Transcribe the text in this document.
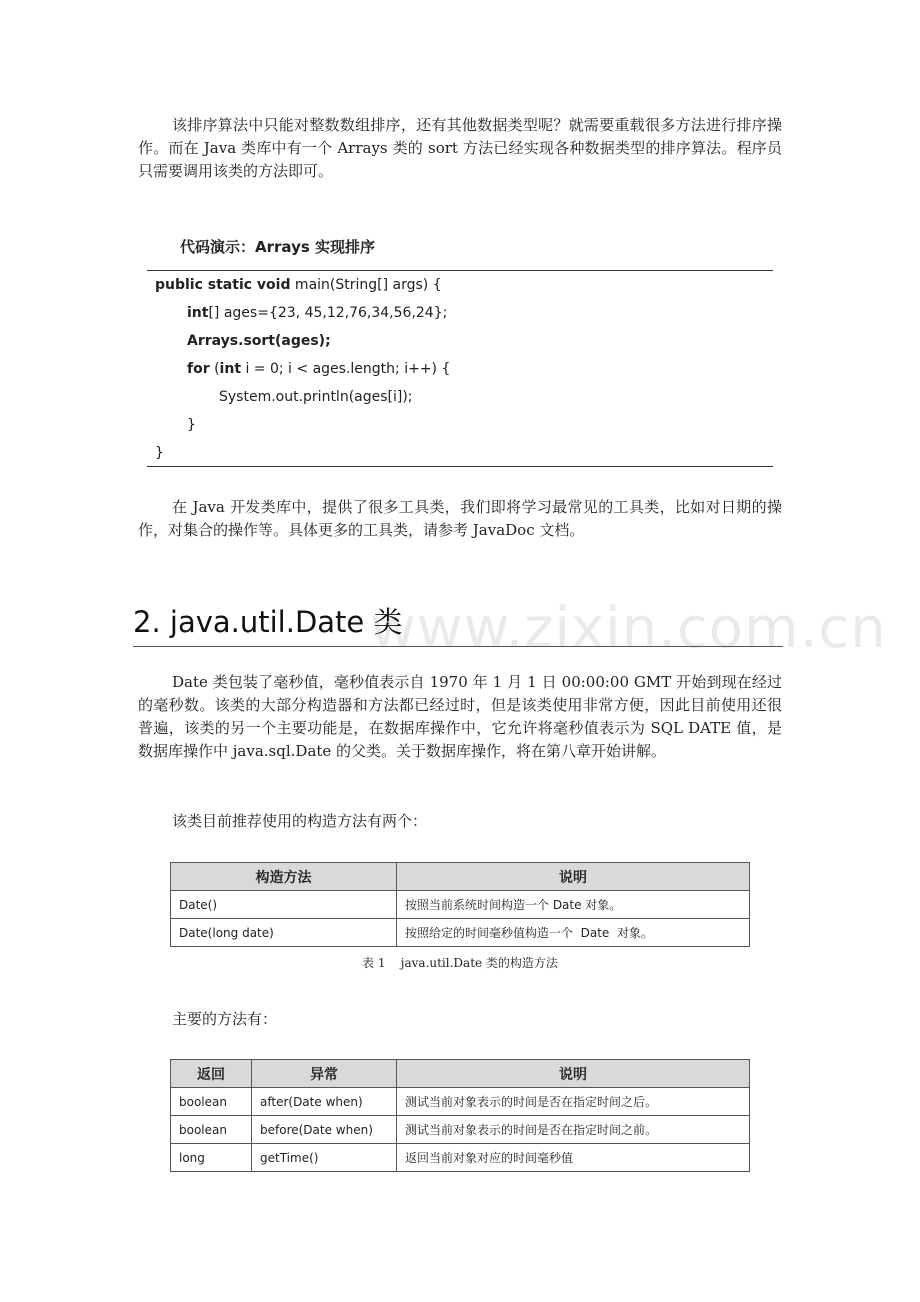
该排序算法中只能对整数数组排序，还有其他数据类型呢？就需要重载很多方法进行排序操作。而在 Java 类库中有一个 Arrays 类的 sort 方法已经实现各种数据类型的排序算法。程序员只需要调用该类的方法即可。

代码演示：Arrays 实现排序

public static void main(String[] args) {
int[] ages={23, 45,12,76,34,56,24};
Arrays.sort(ages);
for (int i = 0; i < ages.length; i++) {
System.out.println(ages[i]);
}
}

在 Java 开发类库中，提供了很多工具类，我们即将学习最常见的工具类，比如对日期的操作，对集合的操作等。具体更多的工具类，请参考 JavaDoc 文档。

www.zixin.com.cn
2. java.util.Date 类

Date 类包装了毫秒值，毫秒值表示自 1970 年 1 月 1 日 00:00:00 GMT 开始到现在经过的毫秒数。该类的大部分构造器和方法都已经过时，但是该类使用非常方便，因此目前使用还很普遍，该类的另一个主要功能是，在数据库操作中，它允许将毫秒值表示为 SQL DATE 值，是数据库操作中 java.sql.Date 的父类。关于数据库操作，将在第八章开始讲解。

该类目前推荐使用的构造方法有两个：

构造方法	说明
Date()	按照当前系统时间构造一个 Date 对象。
Date(long date)	按照给定的时间毫秒值构造一个  Date  对象。
表 1    java.util.Date 类的构造方法

主要的方法有：

返回	异常	说明
boolean	after(Date when)	测试当前对象表示的时间是否在指定时间之后。
boolean	before(Date when)	测试当前对象表示的时间是否在指定时间之前。
long	getTime()	返回当前对象对应的时间毫秒值
